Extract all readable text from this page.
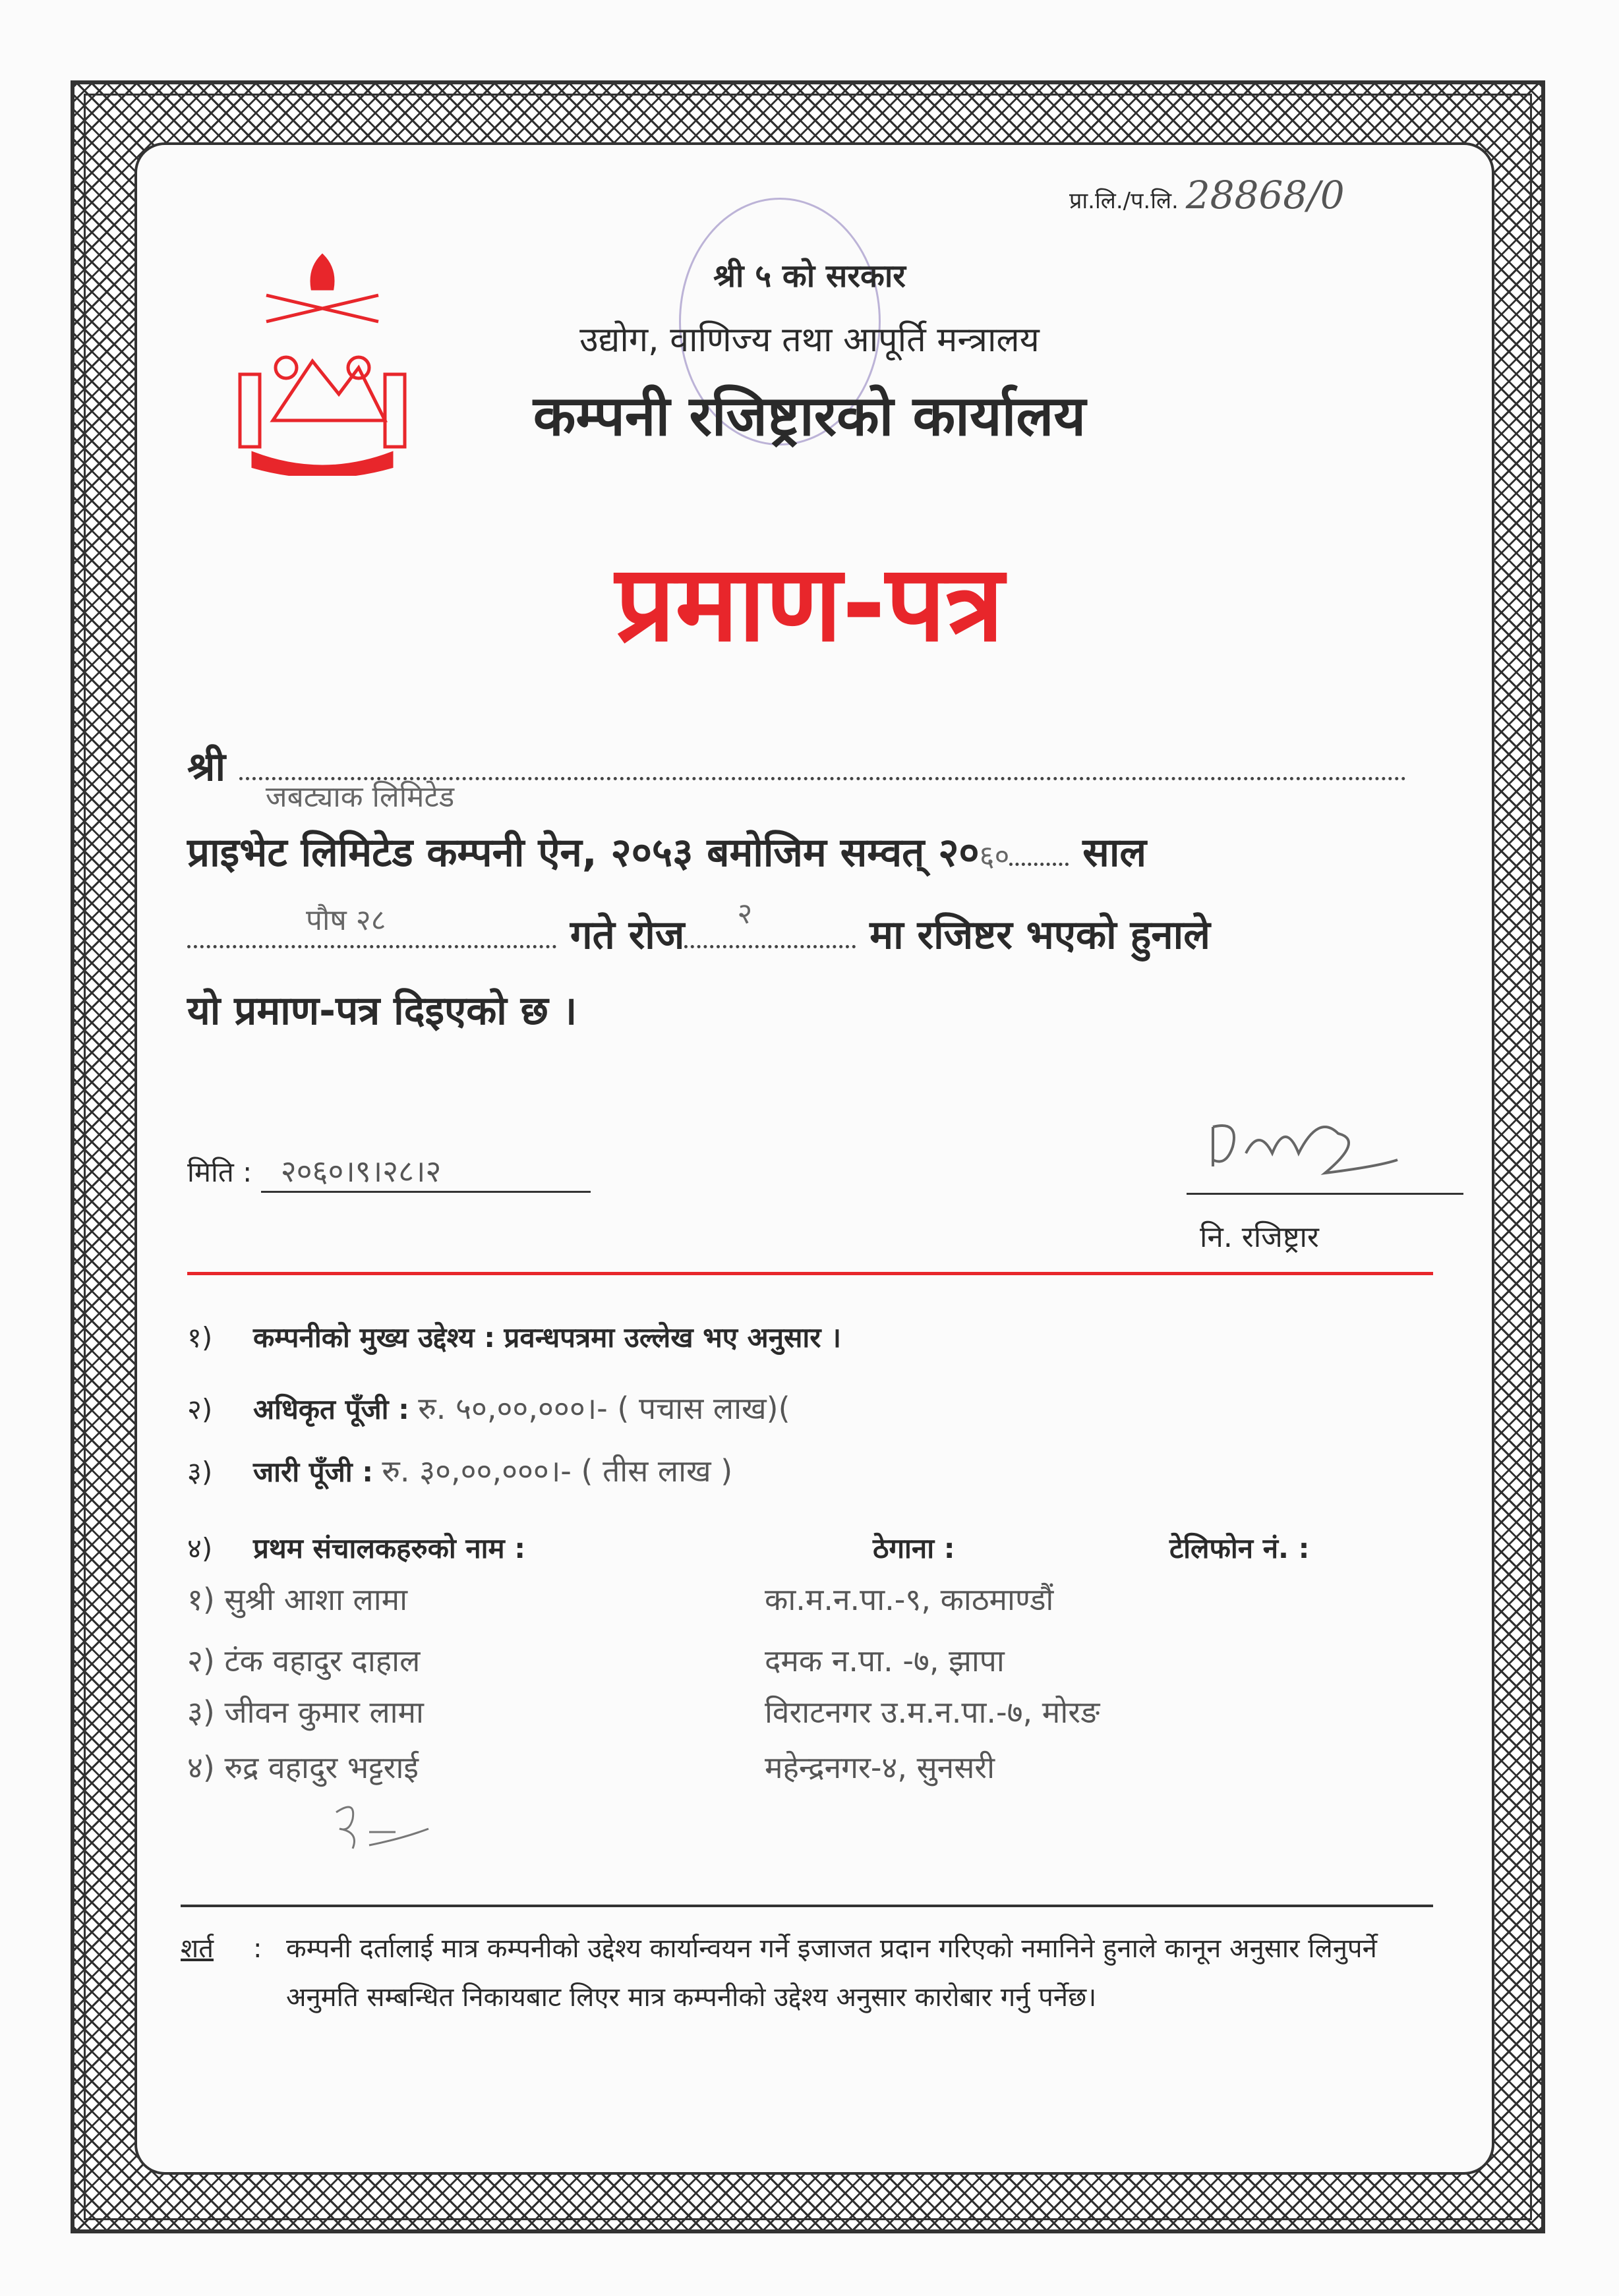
प्रा.लि./प.लि. 28868/0
श्री ५ को सरकार
उद्योग, वाणिज्य तथा आपूर्ति मन्त्रालय
कम्पनी रजिष्ट्रारको कार्यालय
प्रमाण-पत्र
श्री
जबट्याक लिमिटेड
प्राइभेट लिमिटेड कम्पनी ऐन, २०५३ बमोजिम सम्वत् २०६० साल
पौष २८	गते रोज २	मा रजिष्टर भएको हुनाले
यो प्रमाण-पत्र दिइएको छ ।
मिति : २०६०।९।२८।२
नि. रजिष्ट्रार
१) कम्पनीको मुख्य उद्देश्य : प्रवन्धपत्रमा उल्लेख भए अनुसार ।
२) अधिकृत पूँजी : रु. ५०,००,०००।- ( पचास लाख)(
३) जारी पूँजी : रु. ३०,००,०००।- ( तीस लाख )
४) प्रथम संचालकहरुको नाम :	ठेगाना :	टेलिफोन नं. :
१) सुश्री आशा लामा	का.म.न.पा.-९, काठमाण्डौं
२) टंक वहादुर दाहाल	दमक न.पा. -७, झापा
३) जीवन कुमार लामा	विराटनगर उ.म.न.पा.-७, मोरङ
४) रुद्र वहादुर भट्टराई	महेन्द्रनगर-४, सुनसरी
शर्त	: कम्पनी दर्तालाई मात्र कम्पनीको उद्देश्य कार्यान्वयन गर्ने इजाजत प्रदान गरिएको नमानिने हुनाले कानून अनुसार लिनुपर्ने अनुमति सम्बन्धित निकायबाट लिएर मात्र कम्पनीको उद्देश्य अनुसार कारोबार गर्नु पर्नेछ।
